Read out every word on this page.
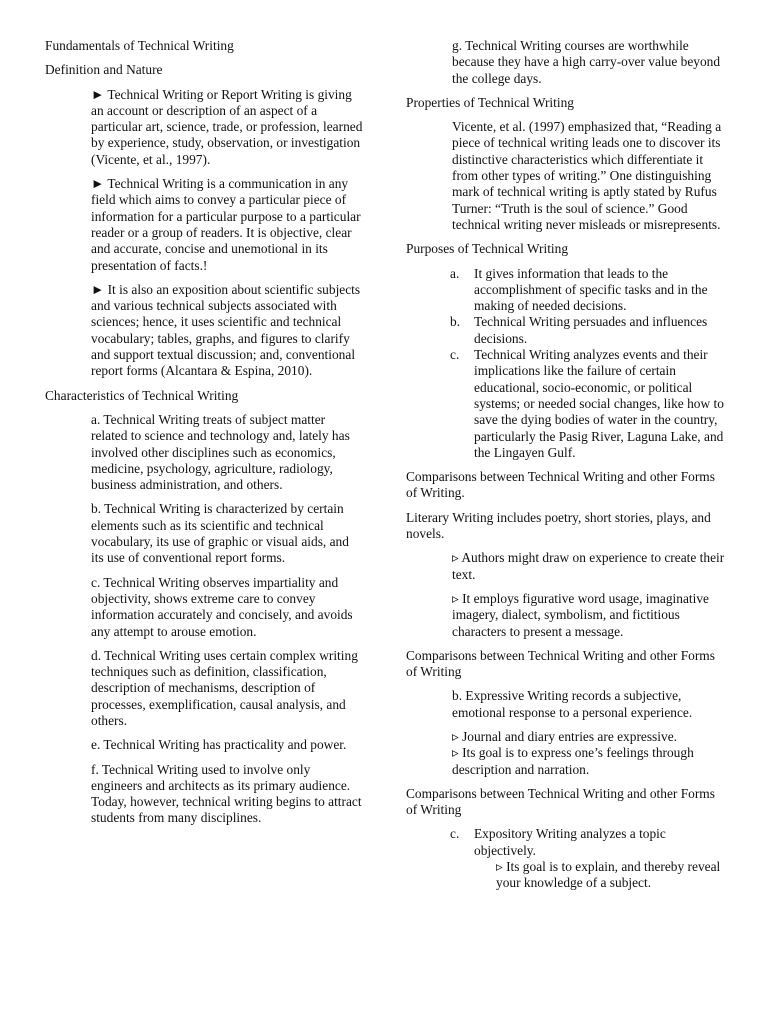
Fundamentals of Technical Writing

Definition and Nature

► Technical Writing or Report Writing is giving an account or description of an aspect of a particular art, science, trade, or profession, learned by experience, study, observation, or investigation (Vicente, et al., 1997).

► Technical Writing is a communication in any field which aims to convey a particular piece of information for a particular purpose to a particular reader or a group of readers. It is objective, clear and accurate, concise and unemotional in its presentation of facts.!

► It is also an exposition about scientific subjects and various technical subjects associated with sciences; hence, it uses scientific and technical vocabulary; tables, graphs, and figures to clarify and support textual discussion; and, conventional report forms (Alcantara & Espina, 2010).

Characteristics of Technical Writing

a. Technical Writing treats of subject matter related to science and technology and, lately has involved other disciplines such as economics, medicine, psychology, agriculture, radiology, business administration, and others.

b. Technical Writing is characterized by certain elements such as its scientific and technical vocabulary, its use of graphic or visual aids, and its use of conventional report forms.

c. Technical Writing observes impartiality and objectivity, shows extreme care to convey information accurately and concisely, and avoids any attempt to arouse emotion.

d. Technical Writing uses certain complex writing techniques such as definition, classification, description of mechanisms, description of processes, exemplification, causal analysis, and others.

e. Technical Writing has practicality and power.

f. Technical Writing used to involve only engineers and architects as its primary audience. Today, however, technical writing begins to attract students from many disciplines.

g. Technical Writing courses are worthwhile because they have a high carry-over value beyond the college days.

Properties of Technical Writing

Vicente, et al. (1997) emphasized that, “Reading a piece of technical writing leads one to discover its distinctive characteristics which differentiate it from other types of writing.” One distinguishing mark of technical writing is aptly stated by Rufus Turner: “Truth is the soul of science.” Good technical writing never misleads or misrepresents.

Purposes of Technical Writing

a. It gives information that leads to the accomplishment of specific tasks and in the making of needed decisions.
b. Technical Writing persuades and influences decisions.
c. Technical Writing analyzes events and their implications like the failure of certain educational, socio-economic, or political systems; or needed social changes, like how to save the dying bodies of water in the country, particularly the Pasig River, Laguna Lake, and the Lingayen Gulf.

Comparisons between Technical Writing and other Forms of Writing.

Literary Writing includes poetry, short stories, plays, and novels.

▹ Authors might draw on experience to create their text.

▹ It employs figurative word usage, imaginative imagery, dialect, symbolism, and fictitious characters to present a message.

Comparisons between Technical Writing and other Forms of Writing

b. Expressive Writing records a subjective, emotional response to a personal experience.

▹ Journal and diary entries are expressive.

▹ Its goal is to express one’s feelings through description and narration.

Comparisons between Technical Writing and other Forms of Writing

c. Expository Writing analyzes a topic objectively.

▹ Its goal is to explain, and thereby reveal your knowledge of a subject.
